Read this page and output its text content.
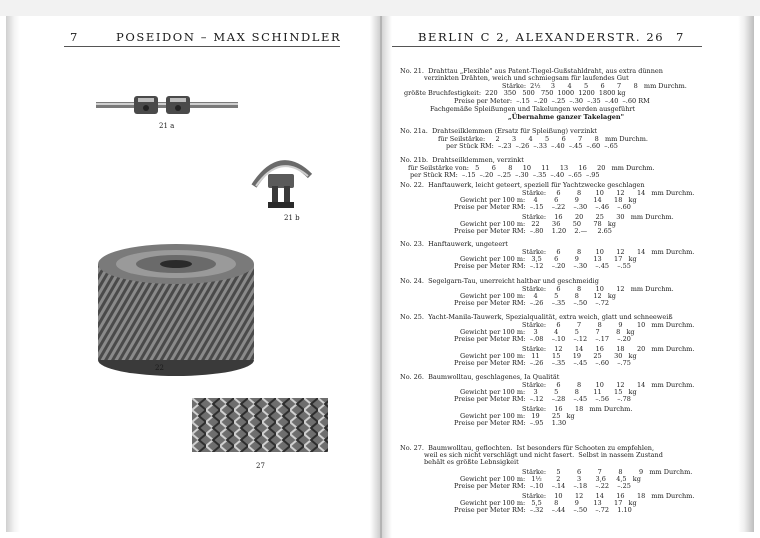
7	POSEIDON – MAX SCHINDLER
21 a
21 b
22
27
BERLIN C 2, ALEXANDERSTR. 26 7
No. 21.  Drahttau „Flexible" aus Patent-Tiegel-Gußstahldraht, aus extra dünnen
verzinkten Drähten, weich und schmiegsam für laufendes Gut
Stärke:  2½     3      4      5      6      7      8   mm Durchm.
größte Bruchfestigkeit:  220   350   500   750  1000  1200  1800 kg
Preise per Meter:  –.15  –.20  –.25  –.30  –.35  –.40  –.60 RM
Fachgemäße Spleißungen und Takelungen werden ausgeführt
„Übernahme ganzer Takelagen"
No. 21a.  Drahtseilklemmen (Ersatz für Spleißung) verzinkt
für Seilstärke:     2      3      4      5      6      7      8   mm Durchm.
per Stück RM:  –.23  –.26  –.33  –.40  –.45  –.60  –.65
No. 21b.  Drahtseilklemmen, verzinkt
für Seilstärke von:   5      6      8     10     11     13     16     20   mm Durchm.
per Stück RM:  –.15  –.20  –.25  –.30  –.35  –.40  –.65  –.95
No. 22.  Hanftauwerk, leicht geteert, speziell für Yachtzwecke geschlagen
Stärke:     6        8       10      12      14   mm Durchm.
Gewicht per 100 m:    4        6        9       14      18   kg
Preise per Meter RM:  –.15    –.22    –.30    –.46    –.60
Stärke:    16      20      25      30   mm Durchm.
Gewicht per 100 m:   22      36      50      78   kg
Preise per Meter RM:  –.80    1.20    2.—     2.65
No. 23.  Hanftauwerk, ungeteert
Stärke:     6        8       10      12      14   mm Durchm.
Gewicht per 100 m:   3,5      6        9       13      17   kg
Preise per Meter RM:  –.12    –.20    –.30    –.45    –.55
No. 24.  Segelgarn-Tau, unerreicht haltbar und geschmeidig
Stärke:     6        8       10      12   mm Durchm.
Gewicht per 100 m:    4        5        8       12   kg
Preise per Meter RM:  –.26    –.35    –.50    –.72
No. 25.  Yacht-Manila-Tauwerk, Spezialqualität, extra weich, glatt und schneeweiß
Stärke:     6        7        8        9       10   mm Durchm.
Gewicht per 100 m:    3        4        5        7        8   kg
Preise per Meter RM:  –.08    –.10    –.12    –.17    –.20
Stärke:    12      14      16      18      20   mm Durchm.
Gewicht per 100 m:   11      15      19      25      30   kg
Preise per Meter RM:  –.26    –.35    –.45    –.60    –.75
No. 26.  Baumwolltau, geschlagenes, Ia Qualität
Stärke:     6        8       10      12      14   mm Durchm.
Gewicht per 100 m:    3        5        8       11      15   kg
Preise per Meter RM:  –.12    –.28    –.45    –.56    –.78
Stärke:    16      18   mm Durchm.
Gewicht per 100 m:   19      25   kg
Preise per Meter RM:  –.95    1.30
No. 27.  Baumwolltau, geflochten.  Ist besonders für Schooten zu empfehlen,
weil es sich nicht verschlägt und nicht fasert.  Selbst in nassem Zustand
behält es größte Lebnsigkeit
Stärke:     5        6        7        8        9   mm Durchm.
Gewicht per 100 m:   1½       2        3       3,6     4,5   kg
Preise per Meter RM:  –.10    –.14    –.18    –.22    –.25
Stärke:    10      12      14      16      18   mm Durchm.
Gewicht per 100 m:   5,5      8        9       13      17   kg
Preise per Meter RM:  –.32    –.44    –.50    –.72    1.10
